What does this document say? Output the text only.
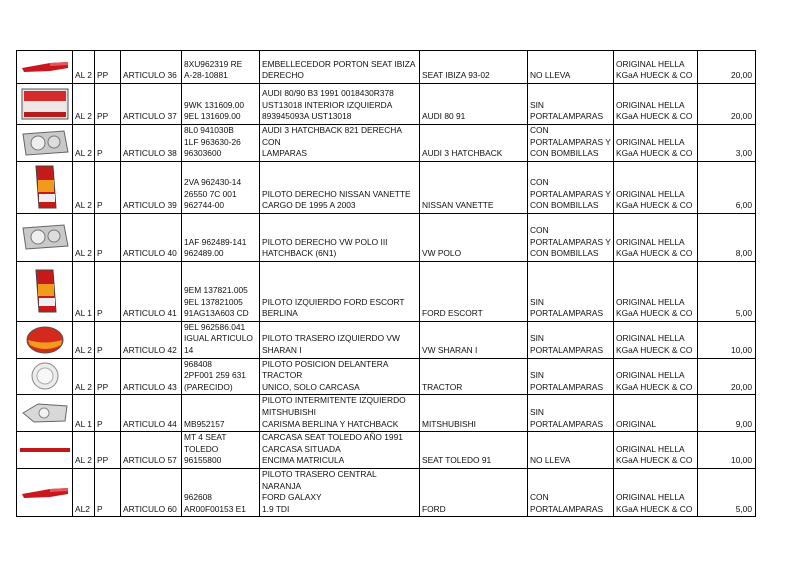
	AL 2	PP	ARTICULO 36	8XU962319 RE
A-28-10881	EMBELLECEDOR PORTON SEAT IBIZA
DERECHO	SEAT IBIZA 93-02	NO LLEVA	ORIGINAL HELLA
KGaA HUECK & CO	20,00

	AL 2	PP	ARTICULO 37	9WK 131609.00
9EL 131609.00	AUDI 80/90 B3 1991 0018430R378
UST13018 INTERIOR IZQUIERDA
893945093A UST13018	AUDI 80 91	SIN
PORTALAMPARAS	ORIGINAL HELLA
KGaA HUECK & CO	20,00

	AL 2	P	ARTICULO 38	8L0 941030B
1LF 963630-26
96303600	AUDI 3 HATCHBACK 821 DERECHA CON
LAMPARAS	AUDI 3 HATCHBACK	CON
PORTALAMPARAS Y
CON BOMBILLAS	ORIGINAL HELLA
KGaA HUECK & CO	3,00

	AL 2	P	ARTICULO 39	2VA 962430-14
26550 7C 001
962744-00	PILOTO DERECHO NISSAN VANETTE
CARGO DE 1995 A 2003	NISSAN VANETTE	CON
PORTALAMPARAS Y
CON BOMBILLAS	ORIGINAL HELLA
KGaA HUECK & CO	6,00

	AL 2	P	ARTICULO 40	1AF 962489-141
962489.00	PILOTO DERECHO VW POLO III
HATCHBACK (6N1)	VW POLO	CON
PORTALAMPARAS Y
CON BOMBILLAS	ORIGINAL HELLA
KGaA HUECK & CO	8,00

	AL 1	P	ARTICULO 41	9EM 137821.005
9EL 137821005
91AG13A603 CD	PILOTO IZQUIERDO FORD ESCORT
BERLINA	FORD ESCORT	SIN
PORTALAMPARAS	ORIGINAL HELLA
KGaA HUECK & CO	5,00

	AL 2	P	ARTICULO 42	9EL 962586.041
IGUAL ARTICULO
14	PILOTO TRASERO IZQUIERDO VW
SHARAN I	VW SHARAN I	SIN
PORTALAMPARAS	ORIGINAL HELLA
KGaA HUECK & CO	10,00

	AL 2	PP	ARTICULO 43	968408
2PF001 259 631
(PARECIDO)	PILOTO POSICION DELANTERA TRACTOR
UNICO, SOLO CARCASA	TRACTOR	SIN
PORTALAMPARAS	ORIGINAL HELLA
KGaA HUECK & CO	20,00

	AL 1	P	ARTICULO 44	MB952157	PILOTO INTERMITENTE IZQUIERDO
MITSHUBISHI
CARISMA BERLINA Y HATCHBACK	MITSHUBISHI	SIN
PORTALAMPARAS	ORIGINAL	9,00

	AL 2	PP	ARTICULO 57	MT 4 SEAT
TOLEDO
96155800	CARCASA SEAT TOLEDO AÑO 1991
CARCASA SITUADA
ENCIMA MATRICULA	SEAT TOLEDO 91	NO LLEVA	ORIGINAL HELLA
KGaA HUECK & CO	10,00

	AL2	P	ARTICULO 60	962608
AR00F00153 E1	PILOTO TRASERO CENTRAL NARANJA
FORD GALAXY
1.9 TDI	FORD	CON
PORTALAMPARAS	ORIGINAL HELLA
KGaA HUECK & CO	5,00
